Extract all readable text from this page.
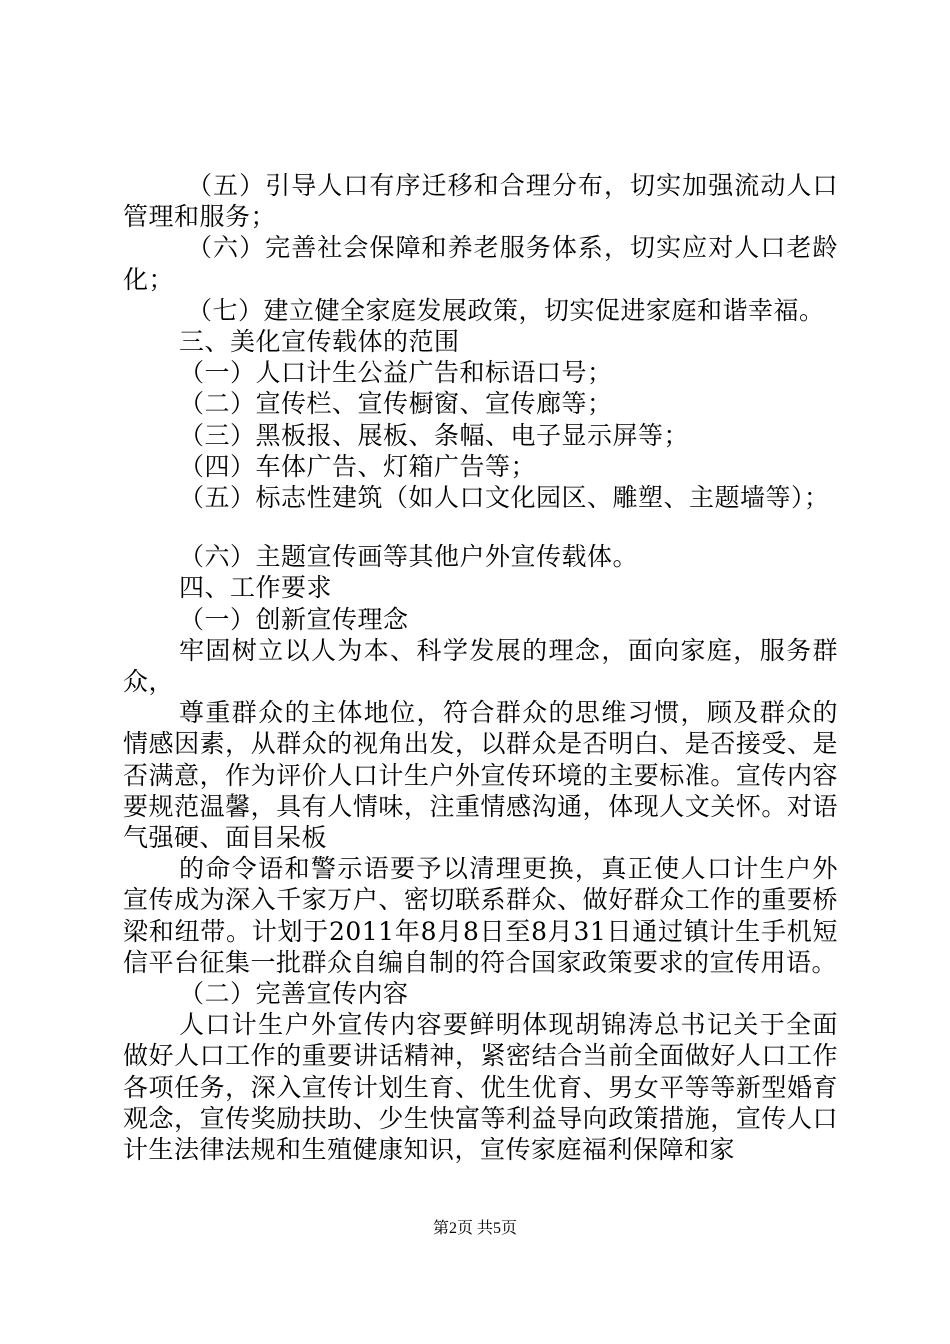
（五）引导人口有序迁移和合理分布，切实加强流动人口管理和服务；

（六）完善社会保障和养老服务体系，切实应对人口老龄化；

（七）建立健全家庭发展政策，切实促进家庭和谐幸福。

三、美化宣传载体的范围

（一）人口计生公益广告和标语口号；

（二）宣传栏、宣传橱窗、宣传廊等；

（三）黑板报、展板、条幅、电子显示屏等；

（四）车体广告、灯箱广告等；

（五）标志性建筑（如人口文化园区、雕塑、主题墙等）；

（六）主题宣传画等其他户外宣传载体。

四、工作要求

（一）创新宣传理念

牢固树立以人为本、科学发展的理念，面向家庭，服务群众，

尊重群众的主体地位，符合群众的思维习惯，顾及群众的情感因素，从群众的视角出发，以群众是否明白、是否接受、是否满意，作为评价人口计生户外宣传环境的主要标准。宣传内容要规范温馨，具有人情味，注重情感沟通，体现人文关怀。对语气强硬、面目呆板

的命令语和警示语要予以清理更换，真正使人口计生户外宣传成为深入千家万户、密切联系群众、做好群众工作的重要桥梁和纽带。计划于2011年8月8日至8月31日通过镇计生手机短信平台征集一批群众自编自制的符合国家政策要求的宣传用语。

（二）完善宣传内容

人口计生户外宣传内容要鲜明体现胡锦涛总书记关于全面做好人口工作的重要讲话精神，紧密结合当前全面做好人口工作各项任务，深入宣传计划生育、优生优育、男女平等等新型婚育观念，宣传奖励扶助、少生快富等利益导向政策措施，宣传人口计生法律法规和生殖健康知识，宣传家庭福利保障和家

第2页 共5页
